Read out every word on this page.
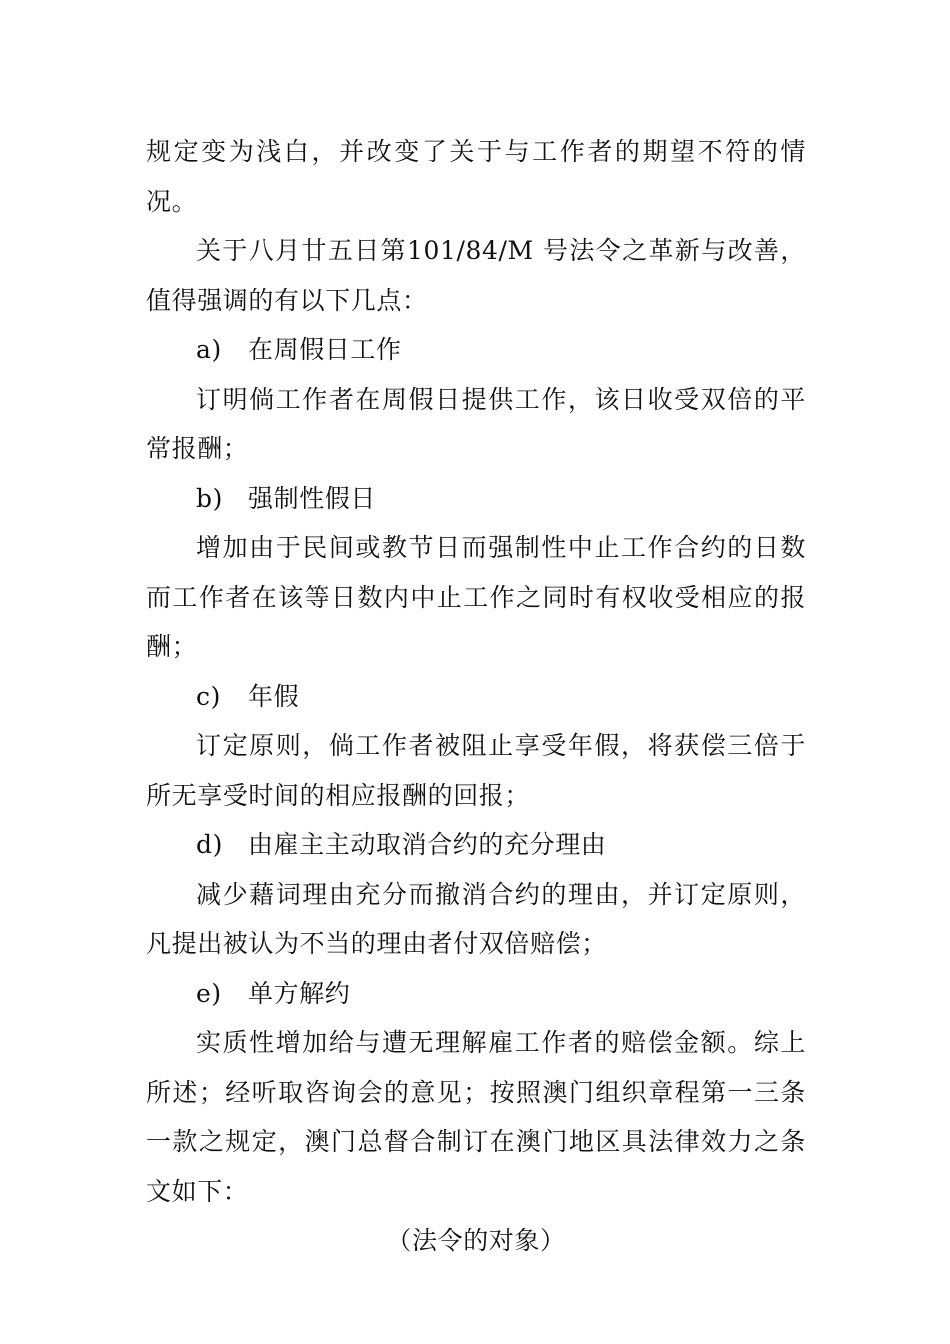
规定变为浅白，并改变了关于与工作者的期望不符的情况。

关于八月廿五日第101/84/M 号法令之革新与改善，值得强调的有以下几点：

a) 在周假日工作

订明倘工作者在周假日提供工作，该日收受双倍的平常报酬；

b) 强制性假日

增加由于民间或教节日而强制性中止工作合约的日数而工作者在该等日数内中止工作之同时有权收受相应的报酬；

c) 年假

订定原则，倘工作者被阻止享受年假，将获偿三倍于所无享受时间的相应报酬的回报；

d) 由雇主主动取消合约的充分理由

减少藉词理由充分而撤消合约的理由，并订定原则，凡提出被认为不当的理由者付双倍赔偿；

e) 单方解约

实质性增加给与遭无理解雇工作者的赔偿金额。综上所述；经听取咨询会的意见；按照澳门组织章程第一三条一款之规定，澳门总督合制订在澳门地区具法律效力之条文如下：

（法令的对象）
